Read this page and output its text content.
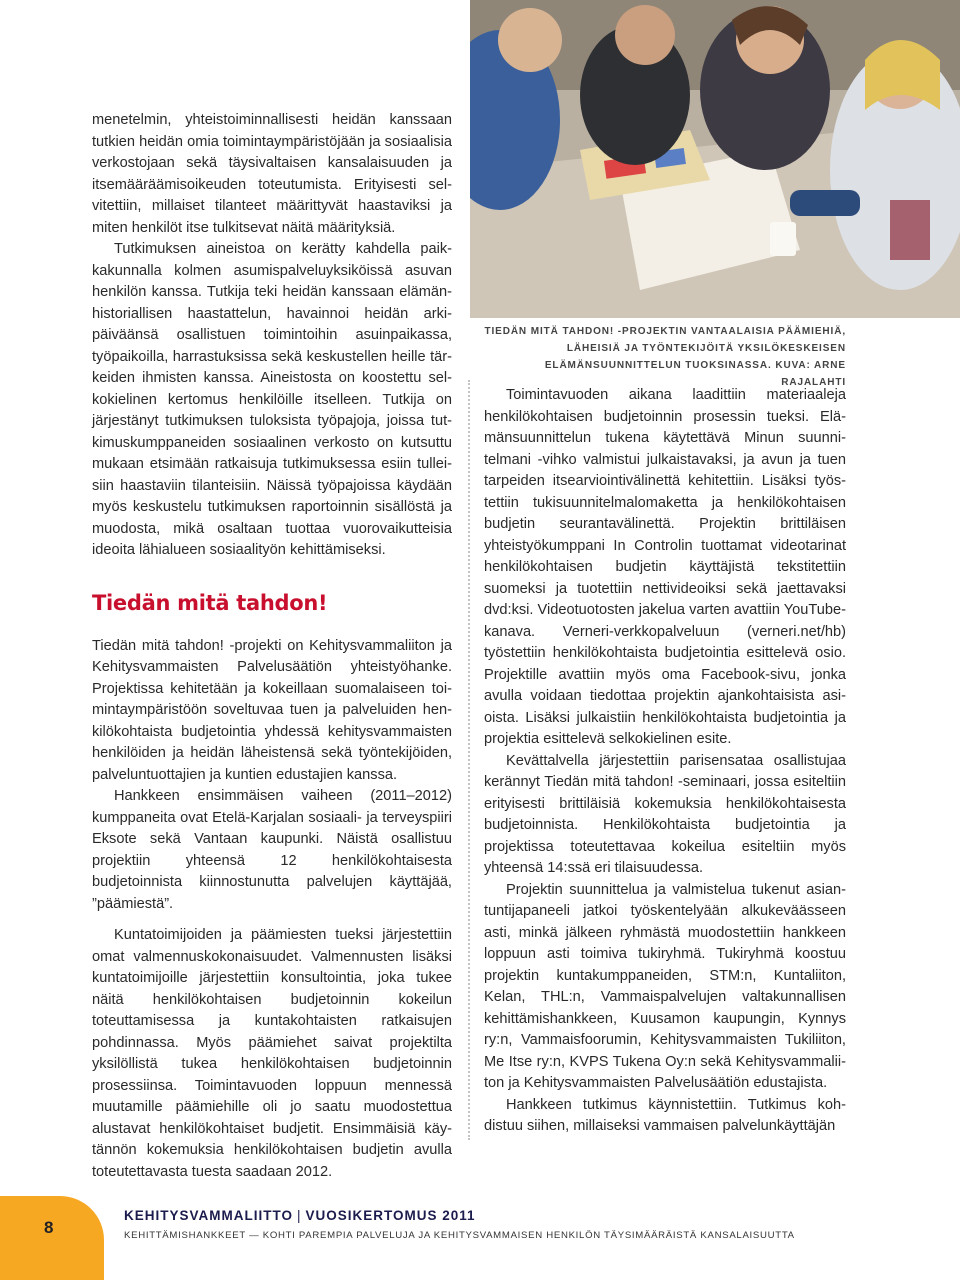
TIEDÄN MITÄ TAHDON! -PROJEKTIN VANTAALAISIA PÄÄMIEHIÄ, LÄHEISIÄ JA TYÖNTEKIJÖITÄ YKSILÖKESKEISEN ELÄMÄNSUUNNITTELUN TUOKSINASSA. KUVA: ARNE RAJALAHTI

menetelmin, yhteistoiminnallisesti heidän kanssaan tutkien heidän omia toimintaympäristöjään ja sosiaalisia verkostojaan sekä täysivaltaisen kansalaisuuden ja itsemääräämisoikeuden toteutumista. Erityisesti selvitettiin, millaiset tilanteet määrittyvät haastaviksi ja miten henkilöt itse tulkitsevat näitä määrityksiä.

Tutkimuksen aineistoa on kerätty kahdella paikkakunnalla kolmen asumispalveluyksiköissä asuvan henkilön kanssa. Tutkija teki heidän kanssaan elämänhistoriallisen haastattelun, havainnoi heidän arkipäiväänsä osallistuen toimintoihin asuinpaikassa, työpaikoilla, harrastuksissa sekä keskustellen heille tärkeiden ihmisten kanssa. Aineistosta on koostettu selkokielinen kertomus henkilöille itselleen. Tutkija on järjestänyt tutkimuksen tuloksista työpajoja, joissa tutkimuskumppaneiden sosiaalinen verkosto on kutsuttu mukaan etsimään ratkaisuja tutkimuksessa esiin tulleisiin haastaviin tilanteisiin. Näissä työpajoissa käydään myös keskustelu tutkimuksen raportoinnin sisällöstä ja muodosta, mikä osaltaan tuottaa vuorovaikutteisia ideoita lähialueen sosiaalityön kehittämiseksi.

Tiedän mitä tahdon!

Tiedän mitä tahdon! -projekti on Kehitysvammaliiton ja Kehitysvammaisten Palvelusäätiön yhteistyöhanke. Projektissa kehitetään ja kokeillaan suomalaiseen toimintaympäristöön soveltuvaa tuen ja palveluiden henkilökohtaista budjetointia yhdessä kehitysvammaisten henkilöiden ja heidän läheistensä sekä työntekijöiden, palveluntuottajien ja kuntien edustajien kanssa.

Hankkeen ensimmäisen vaiheen (2011–2012) kumppaneita ovat Etelä-Karjalan sosiaali- ja terveyspiiri Eksote sekä Vantaan kaupunki. Näistä osallistuu projektiin yhteensä 12 henkilökohtaisesta budjetoinnista kiinnostunutta palvelujen käyttäjää, ”päämiestä”.

Kuntatoimijoiden ja päämiesten tueksi järjestettiin omat valmennuskokonaisuudet. Valmennusten lisäksi kuntatoimijoille järjestettiin konsultointia, joka tukee näitä henkilökohtaisen budjetoinnin kokeilun toteuttamisessa ja kuntakohtaisten ratkaisujen pohdinnassa. Myös päämiehet saivat projektilta yksilöllistä tukea henkilökohtaisen budjetoinnin prosessiinsa. Toimintavuoden loppuun mennessä muutamille päämiehille oli jo saatu muodostettua alustavat henkilökohtaiset budjetit. Ensimmäisiä käytännön kokemuksia henkilökohtaisen budjetin avulla toteutettavasta tuesta saadaan 2012.

Toimintavuoden aikana laadittiin materiaaleja henkilökohtaisen budjetoinnin prosessin tueksi. Elämänsuunnittelun tukena käytettävä Minun suunnitelmani -vihko valmistui julkaistavaksi, ja avun ja tuen tarpeiden itsearviointivälinettä kehitettiin. Lisäksi työstettiin tukisuunnitelmalomaketta ja henkilökohtaisen budjetin seurantavälinettä. Projektin brittiläisen yhteistyökumppani In Controlin tuottamat videotarinat henkilökohtaisen budjetin käyttäjistä tekstitettiin suomeksi ja tuotettiin nettivideoiksi sekä jaettavaksi dvd:ksi. Videotuotosten jakelua varten avattiin YouTube-kanava. Verneri-verkkopalveluun (verneri.net/hb) työstettiin henkilökohtaista budjetointia esittelevä osio. Projektille avattiin myös oma Facebook-sivu, jonka avulla voidaan tiedottaa projektin ajankohtaisista asioista. Lisäksi julkaistiin henkilökohtaista budjetointia ja projektia esittelevä selkokielinen esite.

Kevättalvella järjestettiin parisensataa osallistujaa kerännyt Tiedän mitä tahdon! -seminaari, jossa esiteltiin erityisesti brittiläisiä kokemuksia henkilökohtaisesta budjetoinnista. Henkilökohtaista budjetointia ja projektissa toteutettavaa kokeilua esiteltiin myös yhteensä 14:ssä eri tilaisuudessa.

Projektin suunnittelua ja valmistelua tukenut asiantuntijapaneeli jatkoi työskentelyään alkukeväässeen asti, minkä jälkeen ryhmästä muodostettiin hankkeen loppuun asti toimiva tukiryhmä. Tukiryhmä koostuu projektin kuntakumppaneiden, STM:n, Kuntaliiton, Kelan, THL:n, Vammaispalvelujen valtakunnallisen kehittämishankkeen, Kuusamon kaupungin, Kynnys ry:n, Vammaisfoorumin, Kehitysvammaisten Tukiliiton, Me Itse ry:n, KVPS Tukena Oy:n sekä Kehitysvammaliiton ja Kehitysvammaisten Palvelusäätiön edustajista.

Hankkeen tutkimus käynnistettiin. Tutkimus kohdistuu siihen, millaiseksi vammaisen palvelunkäyttäjän

8
KEHITYSVAMMALIITTO | VUOSIKERTOMUS 2011
KEHITTÄMISHANKKEET — KOHTI PAREMPIA PALVELUJA JA KEHITYSVAMMAISEN HENKILÖN TÄYSIMÄÄRÄISTÄ KANSALAISUUTTA
